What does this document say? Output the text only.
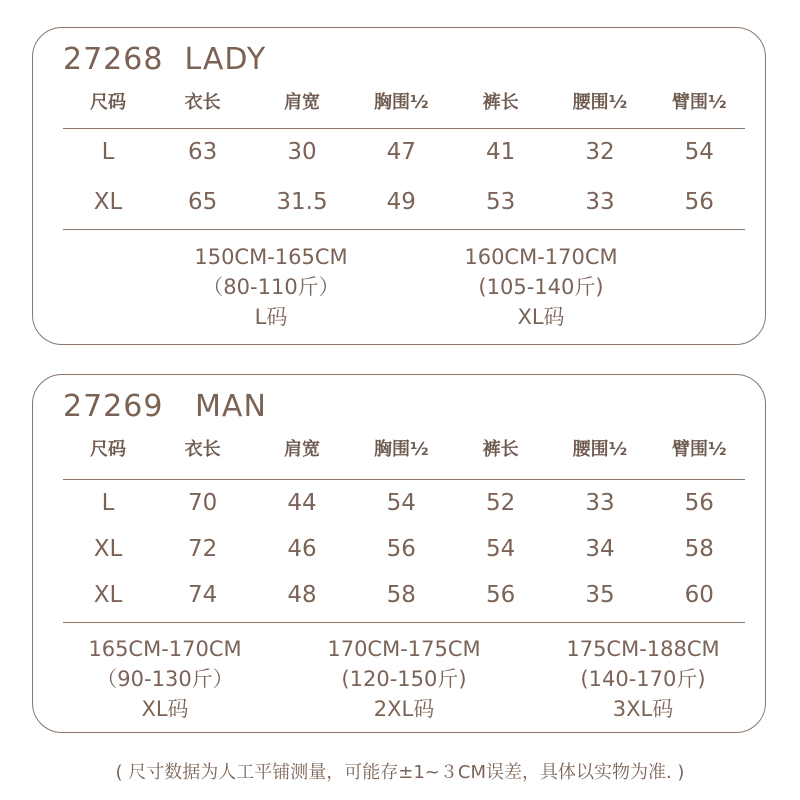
27268  LADY
尺码	衣长	肩宽	胸围½	裤长	腰围½	臂围½
L	63	30	47	41	32	54
XL	65	31.5	49	53	33	56
150CM-165CM
（80-110斤）
L码
160CM-170CM
(105-140斤)
XL码
27269   MAN
尺码	衣长	肩宽	胸围½	裤长	腰围½	臂围½
L	70	44	54	52	33	56
XL	72	46	56	54	34	58
XL	74	48	58	56	35	60
165CM-170CM
（90-130斤）
XL码
170CM-175CM
(120-150斤)
2XL码
175CM-188CM
(140-170斤)
3XL码
( 尺寸数据为人工平铺测量，可能存±1~３CM误差，具体以实物为准. )
